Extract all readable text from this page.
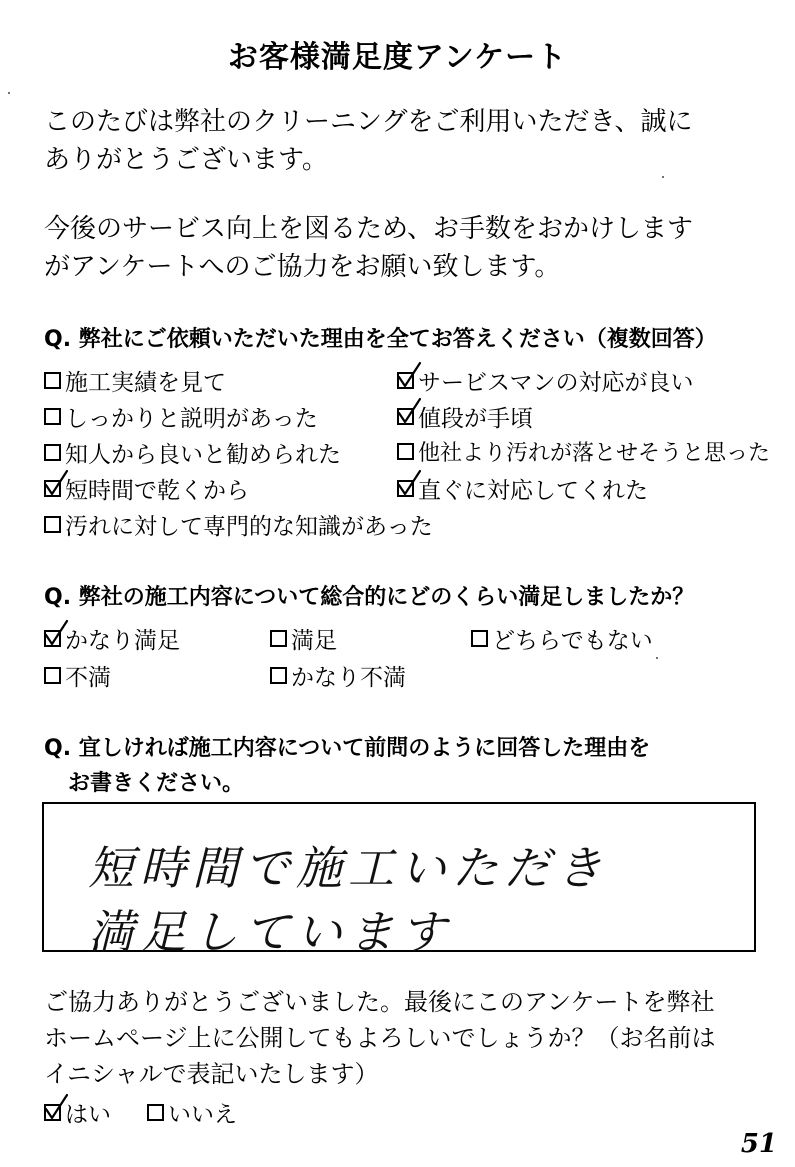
お客様満足度アンケート
このたびは弊社のクリーニングをご利用いただき、誠に
ありがとうございます。
今後のサービス向上を図るため、お手数をおかけします
がアンケートへのご協力をお願い致します。
Q. 弊社にご依頼いただいた理由を全てお答えください（複数回答）
施工実績を見て	サービスマンの対応が良い
しっかりと説明があった	値段が手頃
知人から良いと勧められた	他社より汚れが落とせそうと思った
短時間で乾くから	直ぐに対応してくれた
汚れに対して専門的な知識があった
Q. 弊社の施工内容について総合的にどのくらい満足しましたか？
かなり満足	満足	どちらでもない
不満	かなり不満
Q. 宜しければ施工内容について前問のように回答した理由を
お書きください。
短時間で施工いただき
満足しています
ご協力ありがとうございました。最後にこのアンケートを弊社
ホームページ上に公開してもよろしいでしょうか？（お名前は
イニシャルで表記いたします）
はい いいえ
51
